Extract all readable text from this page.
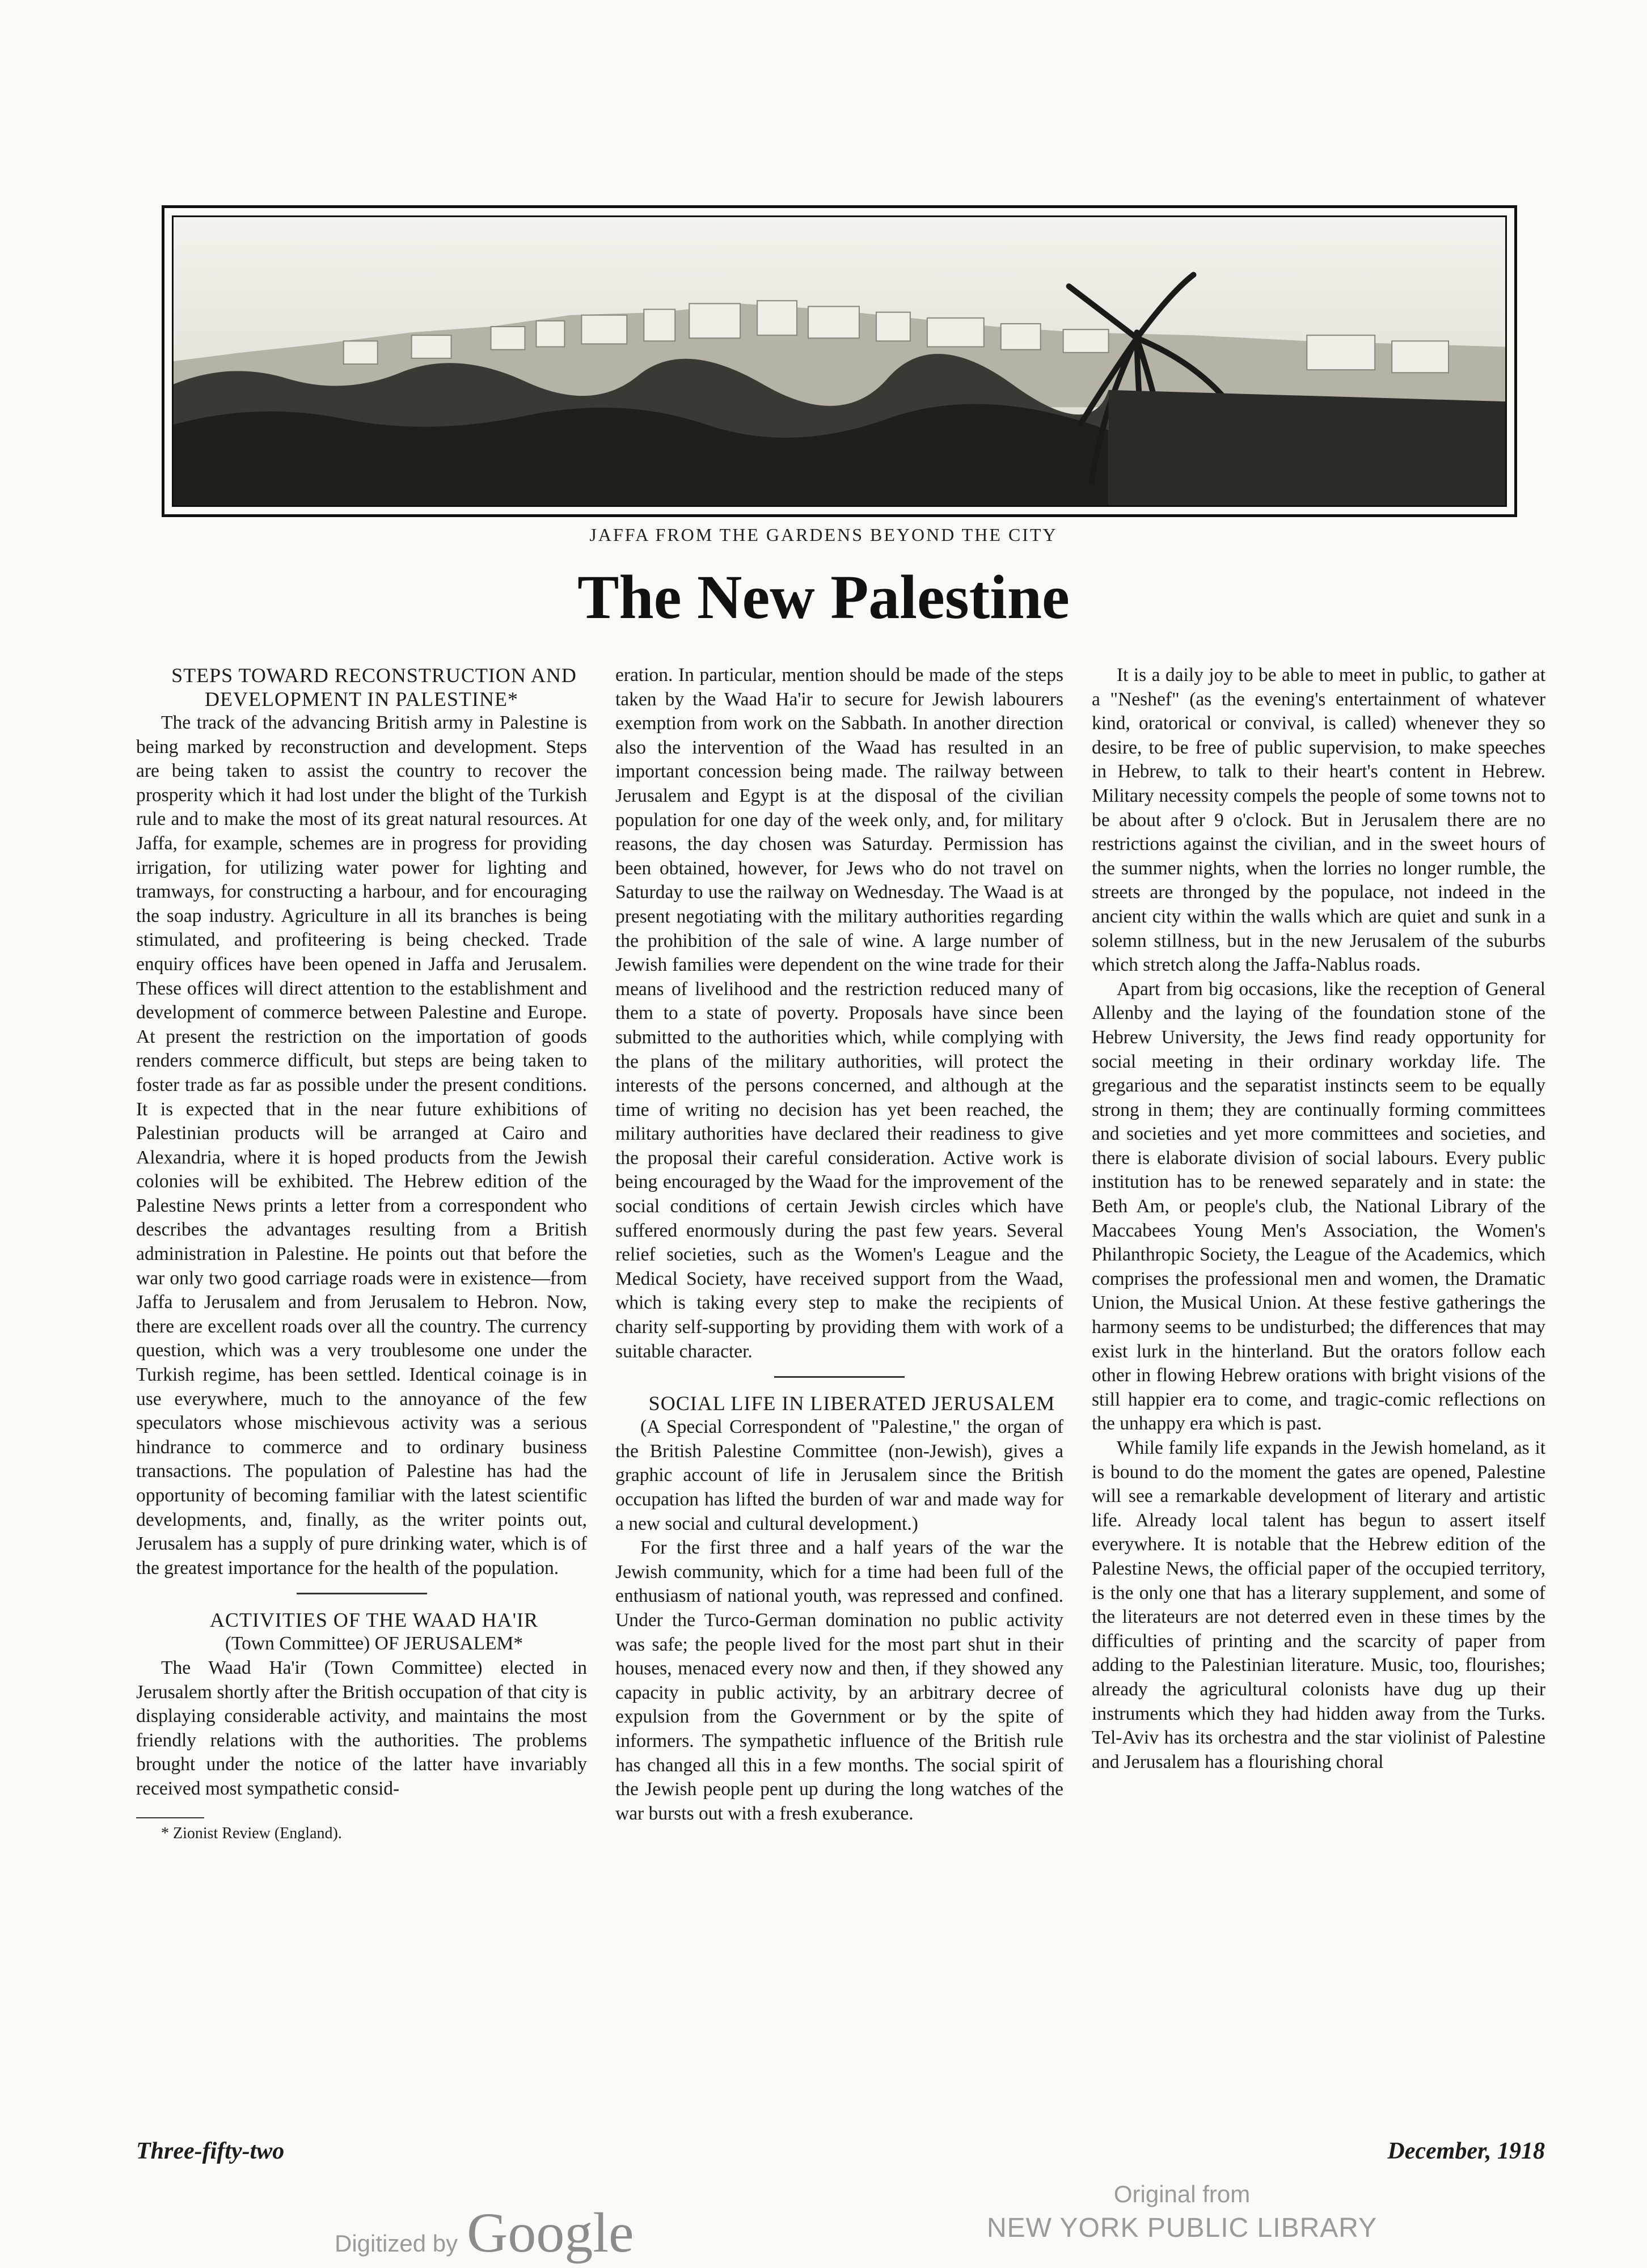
JAFFA FROM THE GARDENS BEYOND THE CITY
The New Palestine

STEPS TOWARD RECONSTRUCTION AND DEVELOPMENT IN PALESTINE*

The track of the advancing British army in Palestine is being marked by reconstruction and development. Steps are being taken to assist the country to recover the prosperity which it had lost under the blight of the Turkish rule and to make the most of its great natural resources. At Jaffa, for example, schemes are in progress for providing irrigation, for utilizing water power for lighting and tramways, for constructing a harbour, and for encouraging the soap industry. Agriculture in all its branches is being stimulated, and profiteering is being checked. Trade enquiry offices have been opened in Jaffa and Jerusalem. These offices will direct attention to the establishment and development of commerce between Palestine and Europe. At present the restriction on the importation of goods renders commerce difficult, but steps are being taken to foster trade as far as possible under the present conditions. It is expected that in the near future exhibitions of Palestinian products will be arranged at Cairo and Alexandria, where it is hoped products from the Jewish colonies will be exhibited. The Hebrew edition of the Palestine News prints a letter from a correspondent who describes the advantages resulting from a British administration in Palestine. He points out that before the war only two good carriage roads were in existence—from Jaffa to Jerusalem and from Jerusalem to Hebron. Now, there are excellent roads over all the country. The currency question, which was a very troublesome one under the Turkish regime, has been settled. Identical coinage is in use everywhere, much to the annoyance of the few speculators whose mischievous activity was a serious hindrance to commerce and to ordinary business transactions. The population of Palestine has had the opportunity of becoming familiar with the latest scientific developments, and, finally, as the writer points out, Jerusalem has a supply of pure drinking water, which is of the greatest importance for the health of the population.

ACTIVITIES OF THE WAAD HA'IR

(Town Committee) OF JERUSALEM*

The Waad Ha'ir (Town Committee) elected in Jerusalem shortly after the British occupation of that city is displaying considerable activity, and maintains the most friendly relations with the authorities. The problems brought under the notice of the latter have invariably received most sympathetic consid-

* Zionist Review (England).

eration. In particular, mention should be made of the steps taken by the Waad Ha'ir to secure for Jewish labourers exemption from work on the Sabbath. In another direction also the intervention of the Waad has resulted in an important concession being made. The railway between Jerusalem and Egypt is at the disposal of the civilian population for one day of the week only, and, for military reasons, the day chosen was Saturday. Permission has been obtained, however, for Jews who do not travel on Saturday to use the railway on Wednesday. The Waad is at present negotiating with the military authorities regarding the prohibition of the sale of wine. A large number of Jewish families were dependent on the wine trade for their means of livelihood and the restriction reduced many of them to a state of poverty. Proposals have since been submitted to the authorities which, while complying with the plans of the military authorities, will protect the interests of the persons concerned, and although at the time of writing no decision has yet been reached, the military authorities have declared their readiness to give the proposal their careful consideration. Active work is being encouraged by the Waad for the improvement of the social conditions of certain Jewish circles which have suffered enormously during the past few years. Several relief societies, such as the Women's League and the Medical Society, have received support from the Waad, which is taking every step to make the recipients of charity self-supporting by providing them with work of a suitable character.

SOCIAL LIFE IN LIBERATED JERUSALEM

(A Special Correspondent of "Palestine," the organ of the British Palestine Committee (non-Jewish), gives a graphic account of life in Jerusalem since the British occupation has lifted the burden of war and made way for a new social and cultural development.)

For the first three and a half years of the war the Jewish community, which for a time had been full of the enthusiasm of national youth, was repressed and confined. Under the Turco-German domination no public activity was safe; the people lived for the most part shut in their houses, menaced every now and then, if they showed any capacity in public activity, by an arbitrary decree of expulsion from the Government or by the spite of informers. The sympathetic influence of the British rule has changed all this in a few months. The social spirit of the Jewish people pent up during the long watches of the war bursts out with a fresh exuberance.

It is a daily joy to be able to meet in public, to gather at a "Neshef" (as the evening's entertainment of whatever kind, oratorical or convival, is called) whenever they so desire, to be free of public supervision, to make speeches in Hebrew, to talk to their heart's content in Hebrew. Military necessity compels the people of some towns not to be about after 9 o'clock. But in Jerusalem there are no restrictions against the civilian, and in the sweet hours of the summer nights, when the lorries no longer rumble, the streets are thronged by the populace, not indeed in the ancient city within the walls which are quiet and sunk in a solemn stillness, but in the new Jerusalem of the suburbs which stretch along the Jaffa-Nablus roads.

Apart from big occasions, like the reception of General Allenby and the laying of the foundation stone of the Hebrew University, the Jews find ready opportunity for social meeting in their ordinary workday life. The gregarious and the separatist instincts seem to be equally strong in them; they are continually forming committees and societies and yet more committees and societies, and there is elaborate division of social labours. Every public institution has to be renewed separately and in state: the Beth Am, or people's club, the National Library of the Maccabees Young Men's Association, the Women's Philanthropic Society, the League of the Academics, which comprises the professional men and women, the Dramatic Union, the Musical Union. At these festive gatherings the harmony seems to be undisturbed; the differences that may exist lurk in the hinterland. But the orators follow each other in flowing Hebrew orations with bright visions of the still happier era to come, and tragic-comic reflections on the unhappy era which is past.

While family life expands in the Jewish homeland, as it is bound to do the moment the gates are opened, Palestine will see a remarkable development of literary and artistic life. Already local talent has begun to assert itself everywhere. It is notable that the Hebrew edition of the Palestine News, the official paper of the occupied territory, is the only one that has a literary supplement, and some of the literateurs are not deterred even in these times by the difficulties of printing and the scarcity of paper from adding to the Palestinian literature. Music, too, flourishes; already the agricultural colonists have dug up their instruments which they had hidden away from the Turks. Tel-Aviv has its orchestra and the star violinist of Palestine and Jerusalem has a flourishing choral

Three-fifty-two	December, 1918
Digitized by Google
Original from
NEW YORK PUBLIC LIBRARY
